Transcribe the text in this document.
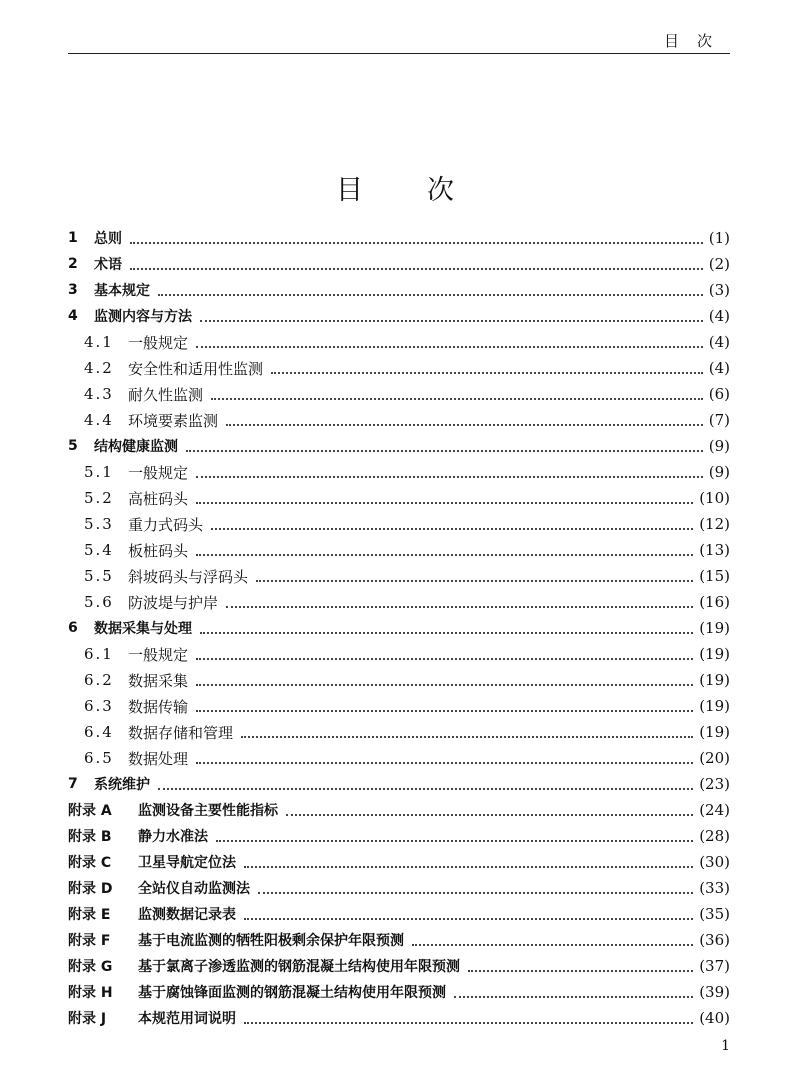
目次
目次
1	总则	(1)
2	术语	(2)
3	基本规定	(3)
4	监测内容与方法	(4)
4.1 一般规定	(4)
4.2 安全性和适用性监测	(4)
4.3 耐久性监测	(6)
4.4 环境要素监测	(7)
5	结构健康监测	(9)
5.1 一般规定	(9)
5.2 高桩码头	(10)
5.3 重力式码头	(12)
5.4 板桩码头	(13)
5.5 斜坡码头与浮码头	(15)
5.6 防波堤与护岸	(16)
6	数据采集与处理	(19)
6.1 一般规定	(19)
6.2 数据采集	(19)
6.3 数据传输	(19)
6.4 数据存储和管理	(19)
6.5 数据处理	(20)
7	系统维护	(23)
附录 A	监测设备主要性能指标	(24)
附录 B	静力水准法	(28)
附录 C	卫星导航定位法	(30)
附录 D	全站仪自动监测法	(33)
附录 E	监测数据记录表	(35)
附录 F	基于电流监测的牺牲阳极剩余保护年限预测	(36)
附录 G	基于氯离子渗透监测的钢筋混凝土结构使用年限预测	(37)
附录 H	基于腐蚀锋面监测的钢筋混凝土结构使用年限预测	(39)
附录 J	本规范用词说明	(40)
1
